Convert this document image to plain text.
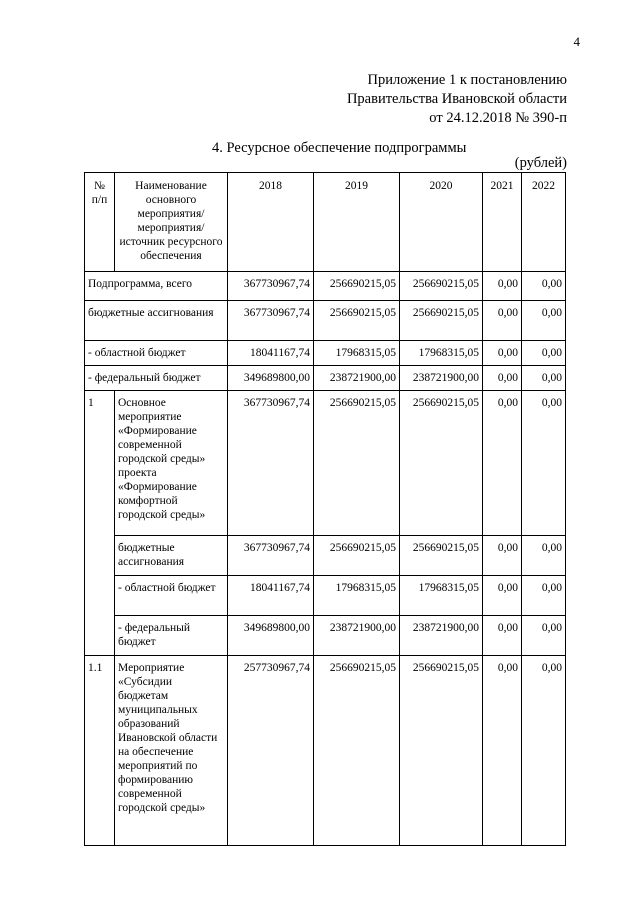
4
Приложение 1 к постановлению
Правительства Ивановской области
от 24.12.2018 № 390-п
4. Ресурсное обеспечение подпрограммы
(рублей)
№ п/п	Наименование основного мероприятия/мероприятия/источник ресурсного обеспечения	2018	2019	2020	2021	2022
Подпрограмма, всего		367730967,74	256690215,05	256690215,05	0,00	0,00
бюджетные ассигнования		367730967,74	256690215,05	256690215,05	0,00	0,00
- областной бюджет		18041167,74	17968315,05	17968315,05	0,00	0,00
- федеральный бюджет		349689800,00	238721900,00	238721900,00	0,00	0,00
1	Основное мероприятие «Формирование современной городской среды» проекта «Формирование комфортной городской среды»	367730967,74	256690215,05	256690215,05	0,00	0,00
	бюджетные ассигнования	367730967,74	256690215,05	256690215,05	0,00	0,00
	- областной бюджет	18041167,74	17968315,05	17968315,05	0,00	0,00
	- федеральный бюджет	349689800,00	238721900,00	238721900,00	0,00	0,00
1.1	Мероприятие «Субсидии бюджетам муниципальных образований Ивановской области на обеспечение мероприятий по формированию современной городской среды»	257730967,74	256690215,05	256690215,05	0,00	0,00
